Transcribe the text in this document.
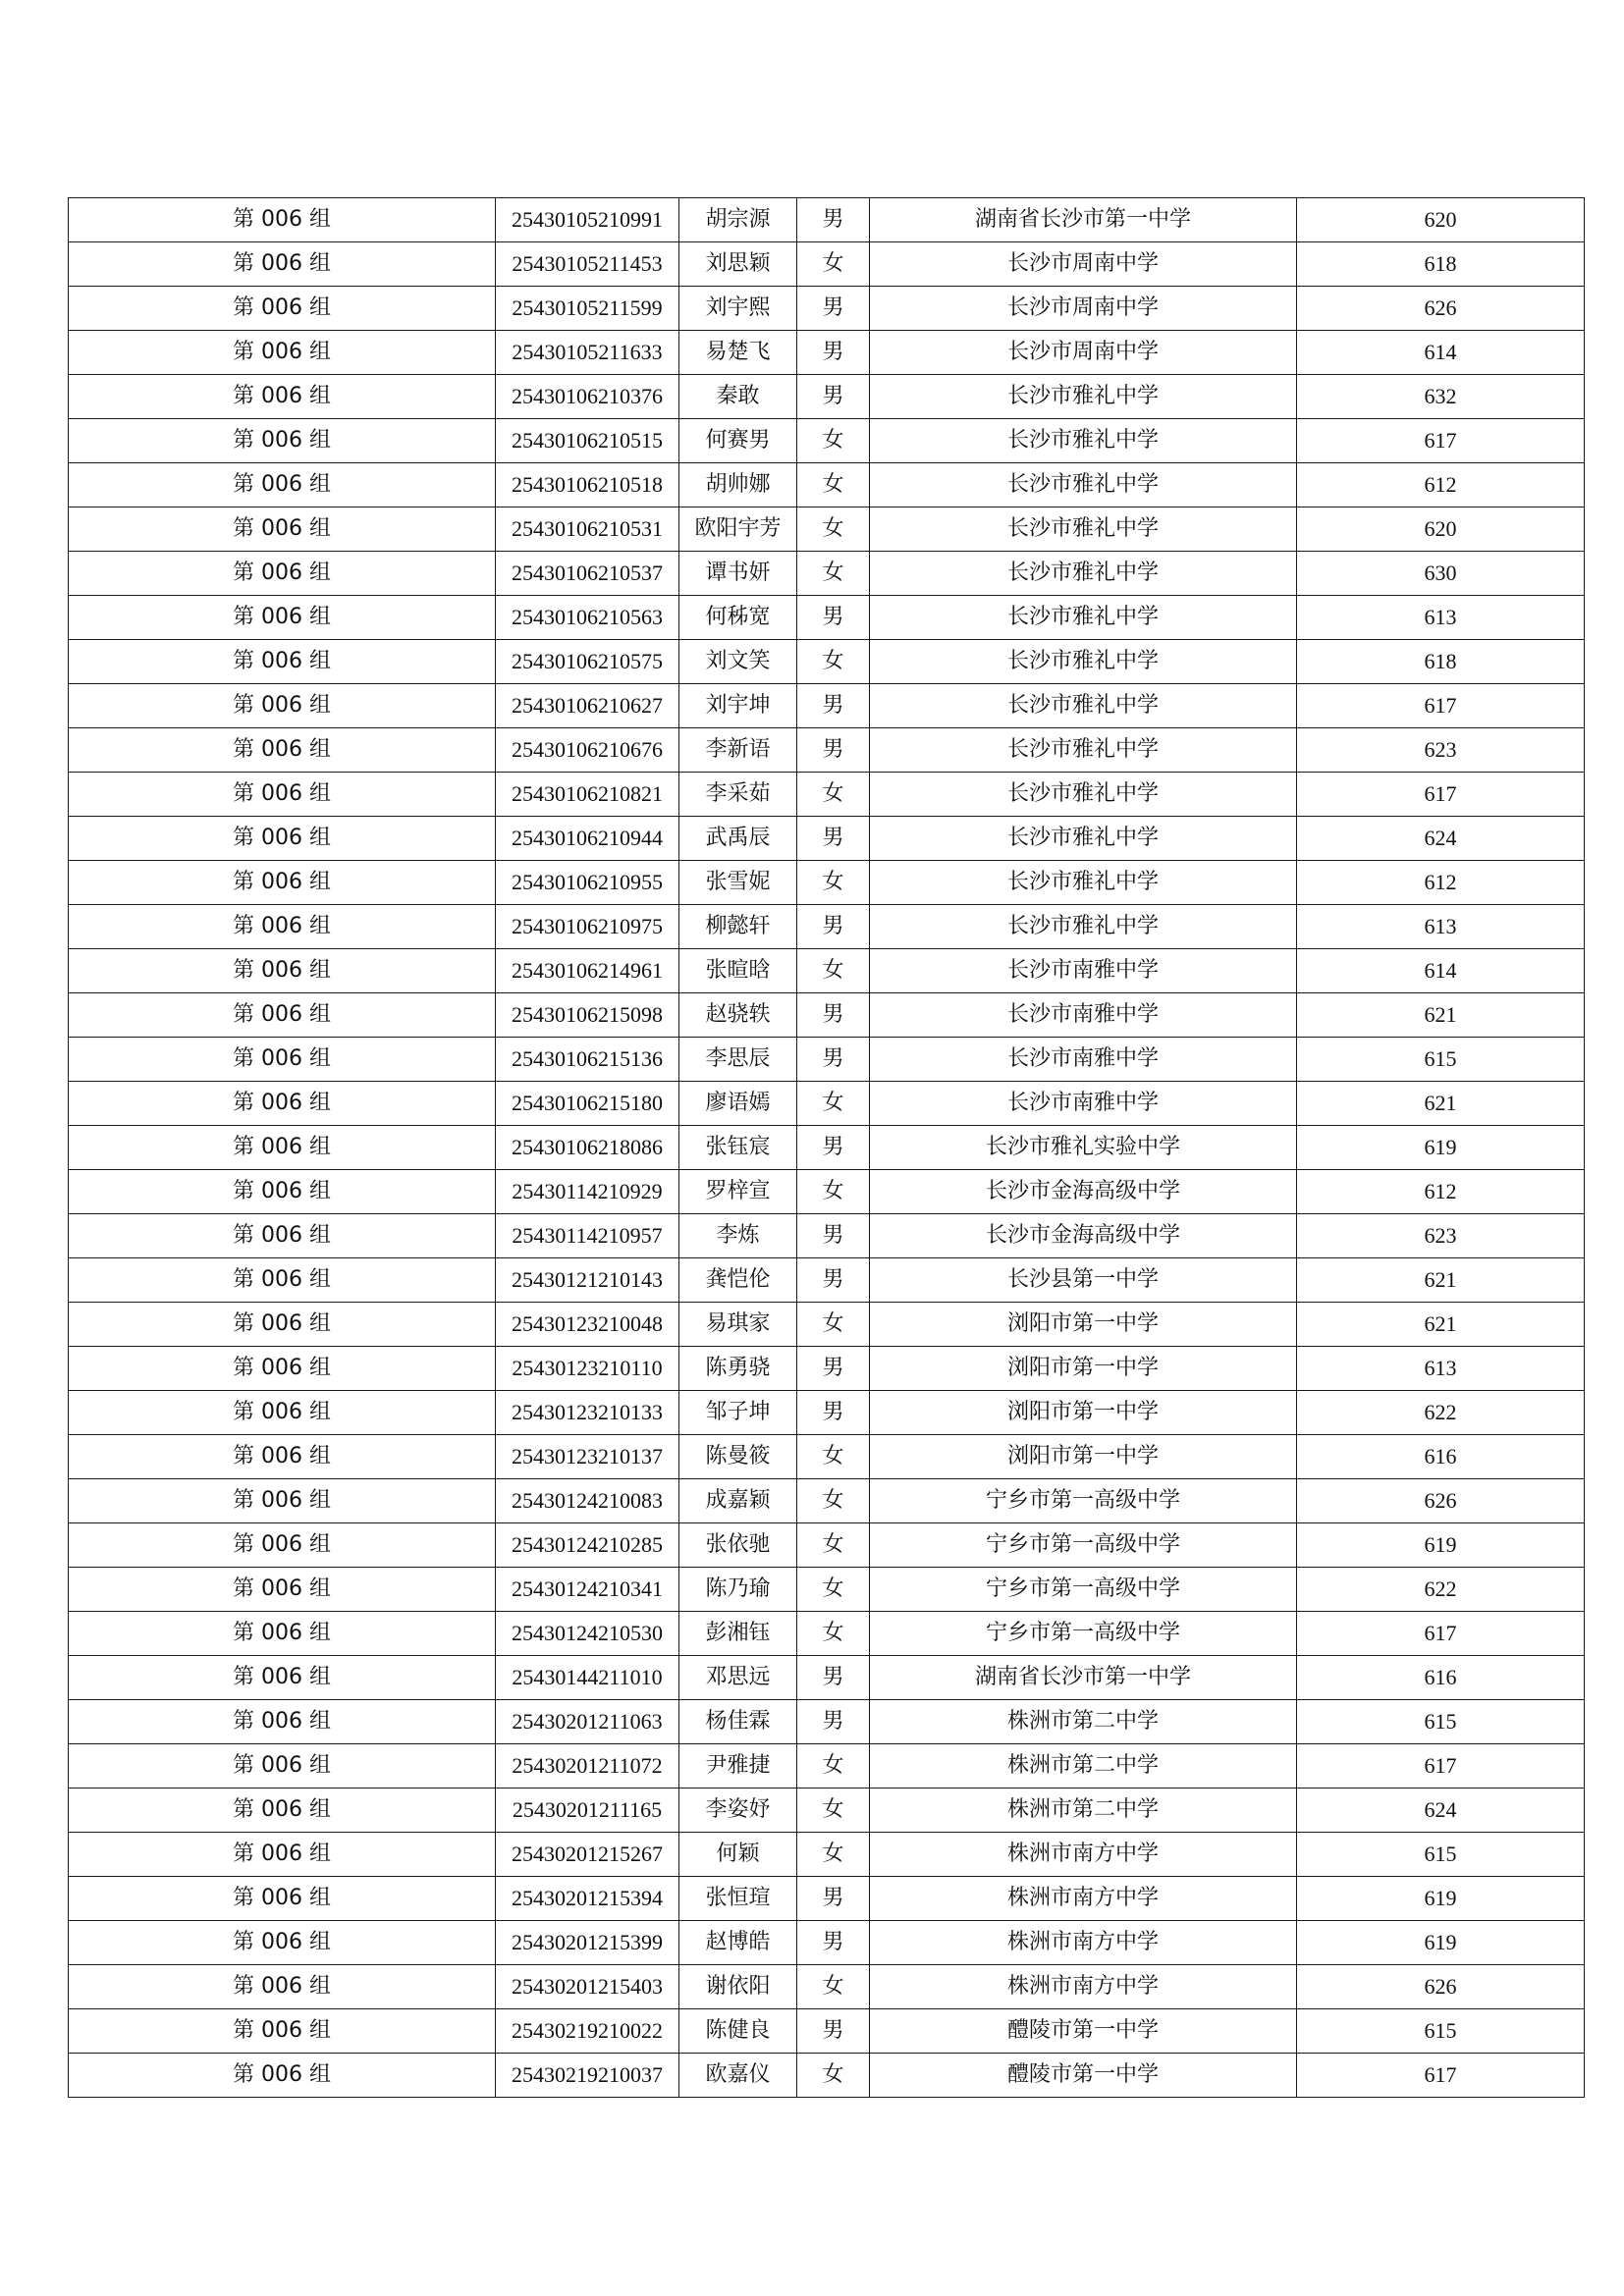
第 006 组	25430105210991	胡宗源	男	湖南省长沙市第一中学	620
第 006 组	25430105211453	刘思颖	女	长沙市周南中学	618
第 006 组	25430105211599	刘宇熙	男	长沙市周南中学	626
第 006 组	25430105211633	易楚飞	男	长沙市周南中学	614
第 006 组	25430106210376	秦敢	男	长沙市雅礼中学	632
第 006 组	25430106210515	何赛男	女	长沙市雅礼中学	617
第 006 组	25430106210518	胡帅娜	女	长沙市雅礼中学	612
第 006 组	25430106210531	欧阳宇芳	女	长沙市雅礼中学	620
第 006 组	25430106210537	谭书妍	女	长沙市雅礼中学	630
第 006 组	25430106210563	何秭宽	男	长沙市雅礼中学	613
第 006 组	25430106210575	刘文笑	女	长沙市雅礼中学	618
第 006 组	25430106210627	刘宇坤	男	长沙市雅礼中学	617
第 006 组	25430106210676	李新语	男	长沙市雅礼中学	623
第 006 组	25430106210821	李采茹	女	长沙市雅礼中学	617
第 006 组	25430106210944	武禹辰	男	长沙市雅礼中学	624
第 006 组	25430106210955	张雪妮	女	长沙市雅礼中学	612
第 006 组	25430106210975	柳懿轩	男	长沙市雅礼中学	613
第 006 组	25430106214961	张暄晗	女	长沙市南雅中学	614
第 006 组	25430106215098	赵骁轶	男	长沙市南雅中学	621
第 006 组	25430106215136	李思辰	男	长沙市南雅中学	615
第 006 组	25430106215180	廖语嫣	女	长沙市南雅中学	621
第 006 组	25430106218086	张钰宸	男	长沙市雅礼实验中学	619
第 006 组	25430114210929	罗梓宣	女	长沙市金海高级中学	612
第 006 组	25430114210957	李炼	男	长沙市金海高级中学	623
第 006 组	25430121210143	龚恺伦	男	长沙县第一中学	621
第 006 组	25430123210048	易琪家	女	浏阳市第一中学	621
第 006 组	25430123210110	陈勇骁	男	浏阳市第一中学	613
第 006 组	25430123210133	邹子坤	男	浏阳市第一中学	622
第 006 组	25430123210137	陈曼筱	女	浏阳市第一中学	616
第 006 组	25430124210083	成嘉颖	女	宁乡市第一高级中学	626
第 006 组	25430124210285	张依驰	女	宁乡市第一高级中学	619
第 006 组	25430124210341	陈乃瑜	女	宁乡市第一高级中学	622
第 006 组	25430124210530	彭湘钰	女	宁乡市第一高级中学	617
第 006 组	25430144211010	邓思远	男	湖南省长沙市第一中学	616
第 006 组	25430201211063	杨佳霖	男	株洲市第二中学	615
第 006 组	25430201211072	尹雅捷	女	株洲市第二中学	617
第 006 组	25430201211165	李姿妤	女	株洲市第二中学	624
第 006 组	25430201215267	何颖	女	株洲市南方中学	615
第 006 组	25430201215394	张恒瑄	男	株洲市南方中学	619
第 006 组	25430201215399	赵博皓	男	株洲市南方中学	619
第 006 组	25430201215403	谢依阳	女	株洲市南方中学	626
第 006 组	25430219210022	陈健良	男	醴陵市第一中学	615
第 006 组	25430219210037	欧嘉仪	女	醴陵市第一中学	617
